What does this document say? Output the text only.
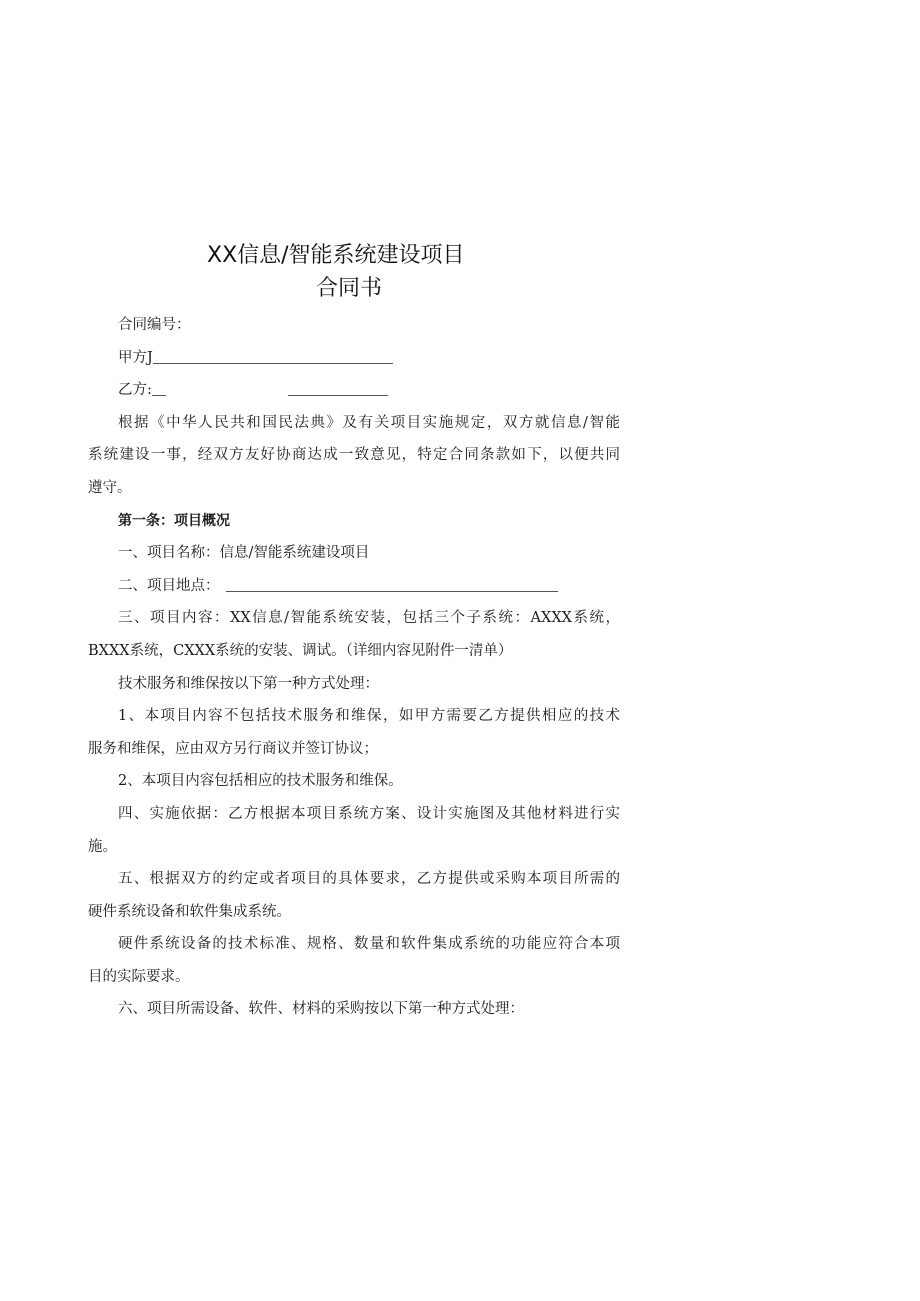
XX信息/智能系统建设项目
合同书
合同编号：
甲方J
乙方:
根据《中华人民共和国民法典》及有关项目实施规定，双方就信息/智能
系统建设一事，经双方友好协商达成一致意见，特定合同条款如下，以便共同
遵守。
第一条：项目概况
一、项目名称：信息/智能系统建设项目
二、项目地点：
三、项目内容：XX信息/智能系统安装，包括三个子系统：AXXX系统，
BXXX系统，CXXX系统的安装、调试。（详细内容见附件一清单）
技术服务和维保按以下第一种方式处理：
1、本项目内容不包括技术服务和维保，如甲方需要乙方提供相应的技术
服务和维保，应由双方另行商议并签订协议；
2、本项目内容包括相应的技术服务和维保。
四、实施依据：乙方根据本项目系统方案、设计实施图及其他材料进行实
施。
五、根据双方的约定或者项目的具体要求，乙方提供或采购本项目所需的
硬件系统设备和软件集成系统。
硬件系统设备的技术标准、规格、数量和软件集成系统的功能应符合本项
目的实际要求。
六、项目所需设备、软件、材料的采购按以下第一种方式处理：
